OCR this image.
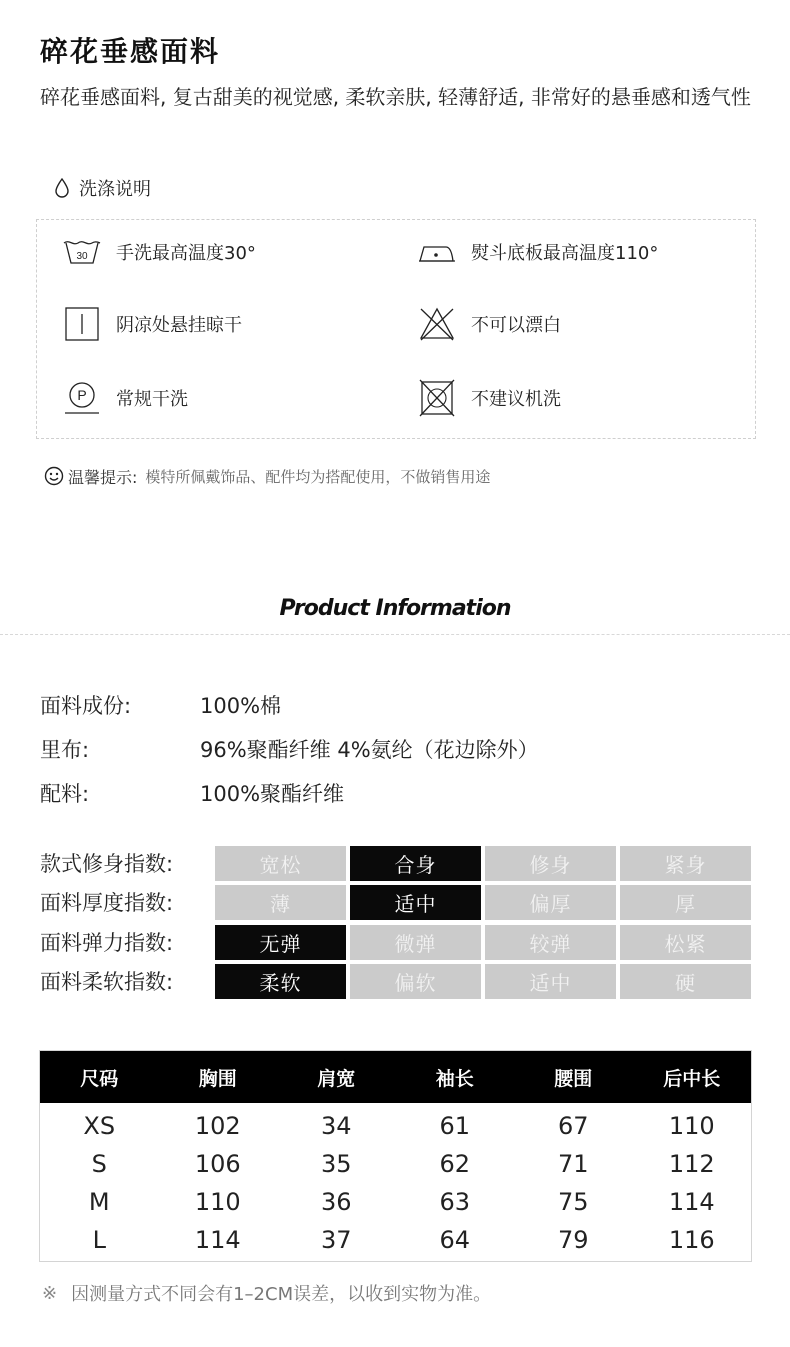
碎花垂感面料
碎花垂感面料, 复古甜美的视觉感, 柔软亲肤, 轻薄舒适, 非常好的悬垂感和透气性
洗涤说明
30 手洗最高温度30°	熨斗底板最高温度110°
阴凉处悬挂晾干	不可以漂白
P 常规干洗	不建议机洗
温馨提示: 模特所佩戴饰品、配件均为搭配使用，不做销售用途
Product Information
面料成份:	100%棉
里布:	96%聚酯纤维 4%氨纶（花边除外）
配料:	100%聚酯纤维
款式修身指数:	宽松	合身	修身	紧身
面料厚度指数:	薄	适中	偏厚	厚
面料弹力指数:	无弹	微弹	较弹	松紧
面料柔软指数:	柔软	偏软	适中	硬
尺码	胸围	肩宽	袖长	腰围	后中长
XS	102	34	61	67	110
S	106	35	62	71	112
M	110	36	63	75	114
L	114	37	64	79	116
※ 因测量方式不同会有1–2CM误差，以收到实物为准。
